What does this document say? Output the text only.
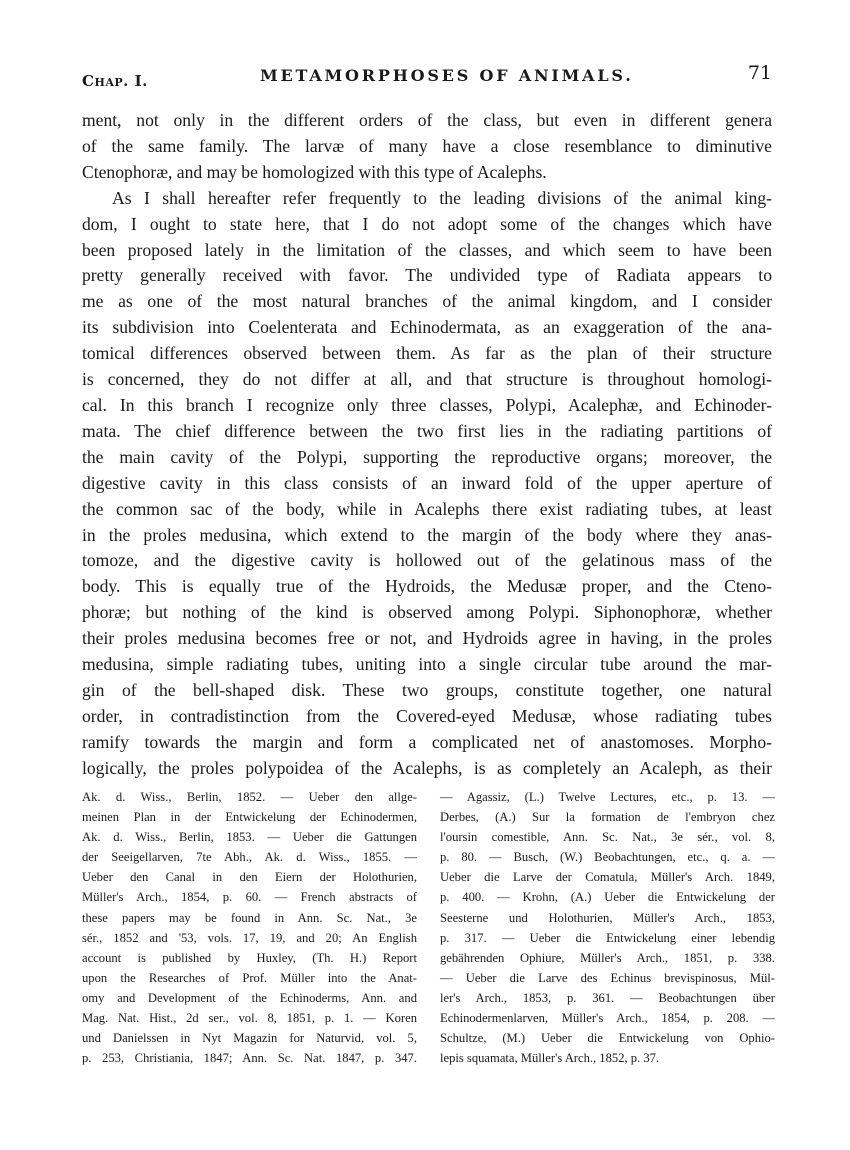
Chap. I.	METAMORPHOSES OF ANIMALS.	71
ment, not only in the different orders of the class, but even in different genera
of the same family. The larvæ of many have a close resemblance to diminutive
Ctenophoræ, and may be homologized with this type of Acalephs.
As I shall hereafter refer frequently to the leading divisions of the animal king-
dom, I ought to state here, that I do not adopt some of the changes which have
been proposed lately in the limitation of the classes, and which seem to have been
pretty generally received with favor. The undivided type of Radiata appears to
me as one of the most natural branches of the animal kingdom, and I consider
its subdivision into Coelenterata and Echinodermata, as an exaggeration of the ana-
tomical differences observed between them. As far as the plan of their structure
is concerned, they do not differ at all, and that structure is throughout homologi-
cal. In this branch I recognize only three classes, Polypi, Acalephæ, and Echinoder-
mata. The chief difference between the two first lies in the radiating partitions of
the main cavity of the Polypi, supporting the reproductive organs; moreover, the
digestive cavity in this class consists of an inward fold of the upper aperture of
the common sac of the body, while in Acalephs there exist radiating tubes, at least
in the proles medusina, which extend to the margin of the body where they anas-
tomoze, and the digestive cavity is hollowed out of the gelatinous mass of the
body. This is equally true of the Hydroids, the Medusæ proper, and the Cteno-
phoræ; but nothing of the kind is observed among Polypi. Siphonophoræ, whether
their proles medusina becomes free or not, and Hydroids agree in having, in the proles
medusina, simple radiating tubes, uniting into a single circular tube around the mar-
gin of the bell-shaped disk. These two groups, constitute together, one natural
order, in contradistinction from the Covered-eyed Medusæ, whose radiating tubes
ramify towards the margin and form a complicated net of anastomoses. Morpho-
logically, the proles polypoidea of the Acalephs, is as completely an Acaleph, as their
Ak. d. Wiss., Berlin, 1852. — Ueber den allge-
meinen Plan in der Entwickelung der Echinodermen,
Ak. d. Wiss., Berlin, 1853. — Ueber die Gattungen
der Seeigellarven, 7te Abh., Ak. d. Wiss., 1855. —
Ueber den Canal in den Eiern der Holothurien,
Müller's Arch., 1854, p. 60. — French abstracts of
these papers may be found in Ann. Sc. Nat., 3e
sér., 1852 and '53, vols. 17, 19, and 20; An English
account is published by Huxley, (Th. H.) Report
upon the Researches of Prof. Müller into the Anat-
omy and Development of the Echinoderms, Ann. and
Mag. Nat. Hist., 2d ser., vol. 8, 1851, p. 1. — Koren
und Danielssen in Nyt Magazin for Naturvid, vol. 5,
p. 253, Christiania, 1847; Ann. Sc. Nat. 1847, p. 347.
— Agassiz, (L.) Twelve Lectures, etc., p. 13. —
Derbes, (A.) Sur la formation de l'embryon chez
l'oursin comestible, Ann. Sc. Nat., 3e sér., vol. 8,
p. 80. — Busch, (W.) Beobachtungen, etc., q. a. —
Ueber die Larve der Comatula, Müller's Arch. 1849,
p. 400. — Krohn, (A.) Ueber die Entwickelung der
Seesterne und Holothurien, Müller's Arch., 1853,
p. 317. — Ueber die Entwickelung einer lebendig
gebährenden Ophiure, Müller's Arch., 1851, p. 338.
— Ueber die Larve des Echinus brevispinosus, Mül-
ler's Arch., 1853, p. 361. — Beobachtungen über
Echinodermenlarven, Müller's Arch., 1854, p. 208. —
Schultze, (M.) Ueber die Entwickelung von Ophio-
lepis squamata, Müller's Arch., 1852, p. 37.
